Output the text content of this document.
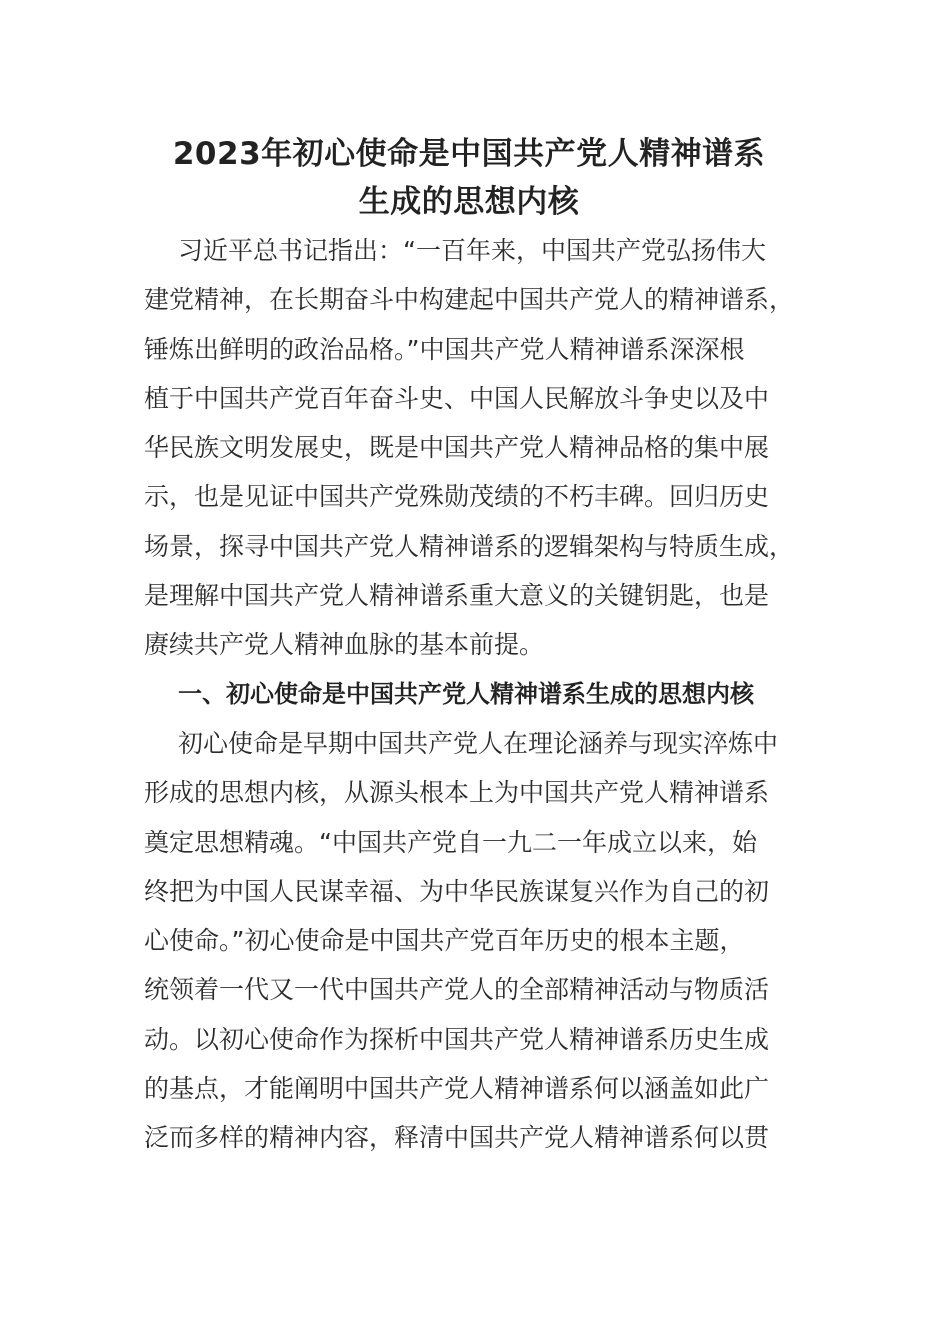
2023年初心使命是中国共产党人精神谱系
生成的思想内核

习近平总书记指出：“一百年来，中国共产党弘扬伟大
建党精神，在长期奋斗中构建起中国共产党人的精神谱系，
锤炼出鲜明的政治品格。”中国共产党人精神谱系深深根
植于中国共产党百年奋斗史、中国人民解放斗争史以及中
华民族文明发展史，既是中国共产党人精神品格的集中展
示，也是见证中国共产党殊勋茂绩的不朽丰碑。回归历史
场景，探寻中国共产党人精神谱系的逻辑架构与特质生成，
是理解中国共产党人精神谱系重大意义的关键钥匙，也是
赓续共产党人精神血脉的基本前提。

一、初心使命是中国共产党人精神谱系生成的思想内核

初心使命是早期中国共产党人在理论涵养与现实淬炼中
形成的思想内核，从源头根本上为中国共产党人精神谱系
奠定思想精魂。“中国共产党自一九二一年成立以来，始
终把为中国人民谋幸福、为中华民族谋复兴作为自己的初
心使命。”初心使命是中国共产党百年历史的根本主题，
统领着一代又一代中国共产党人的全部精神活动与物质活
动。以初心使命作为探析中国共产党人精神谱系历史生成
的基点，才能阐明中国共产党人精神谱系何以涵盖如此广
泛而多样的精神内容，释清中国共产党人精神谱系何以贯
